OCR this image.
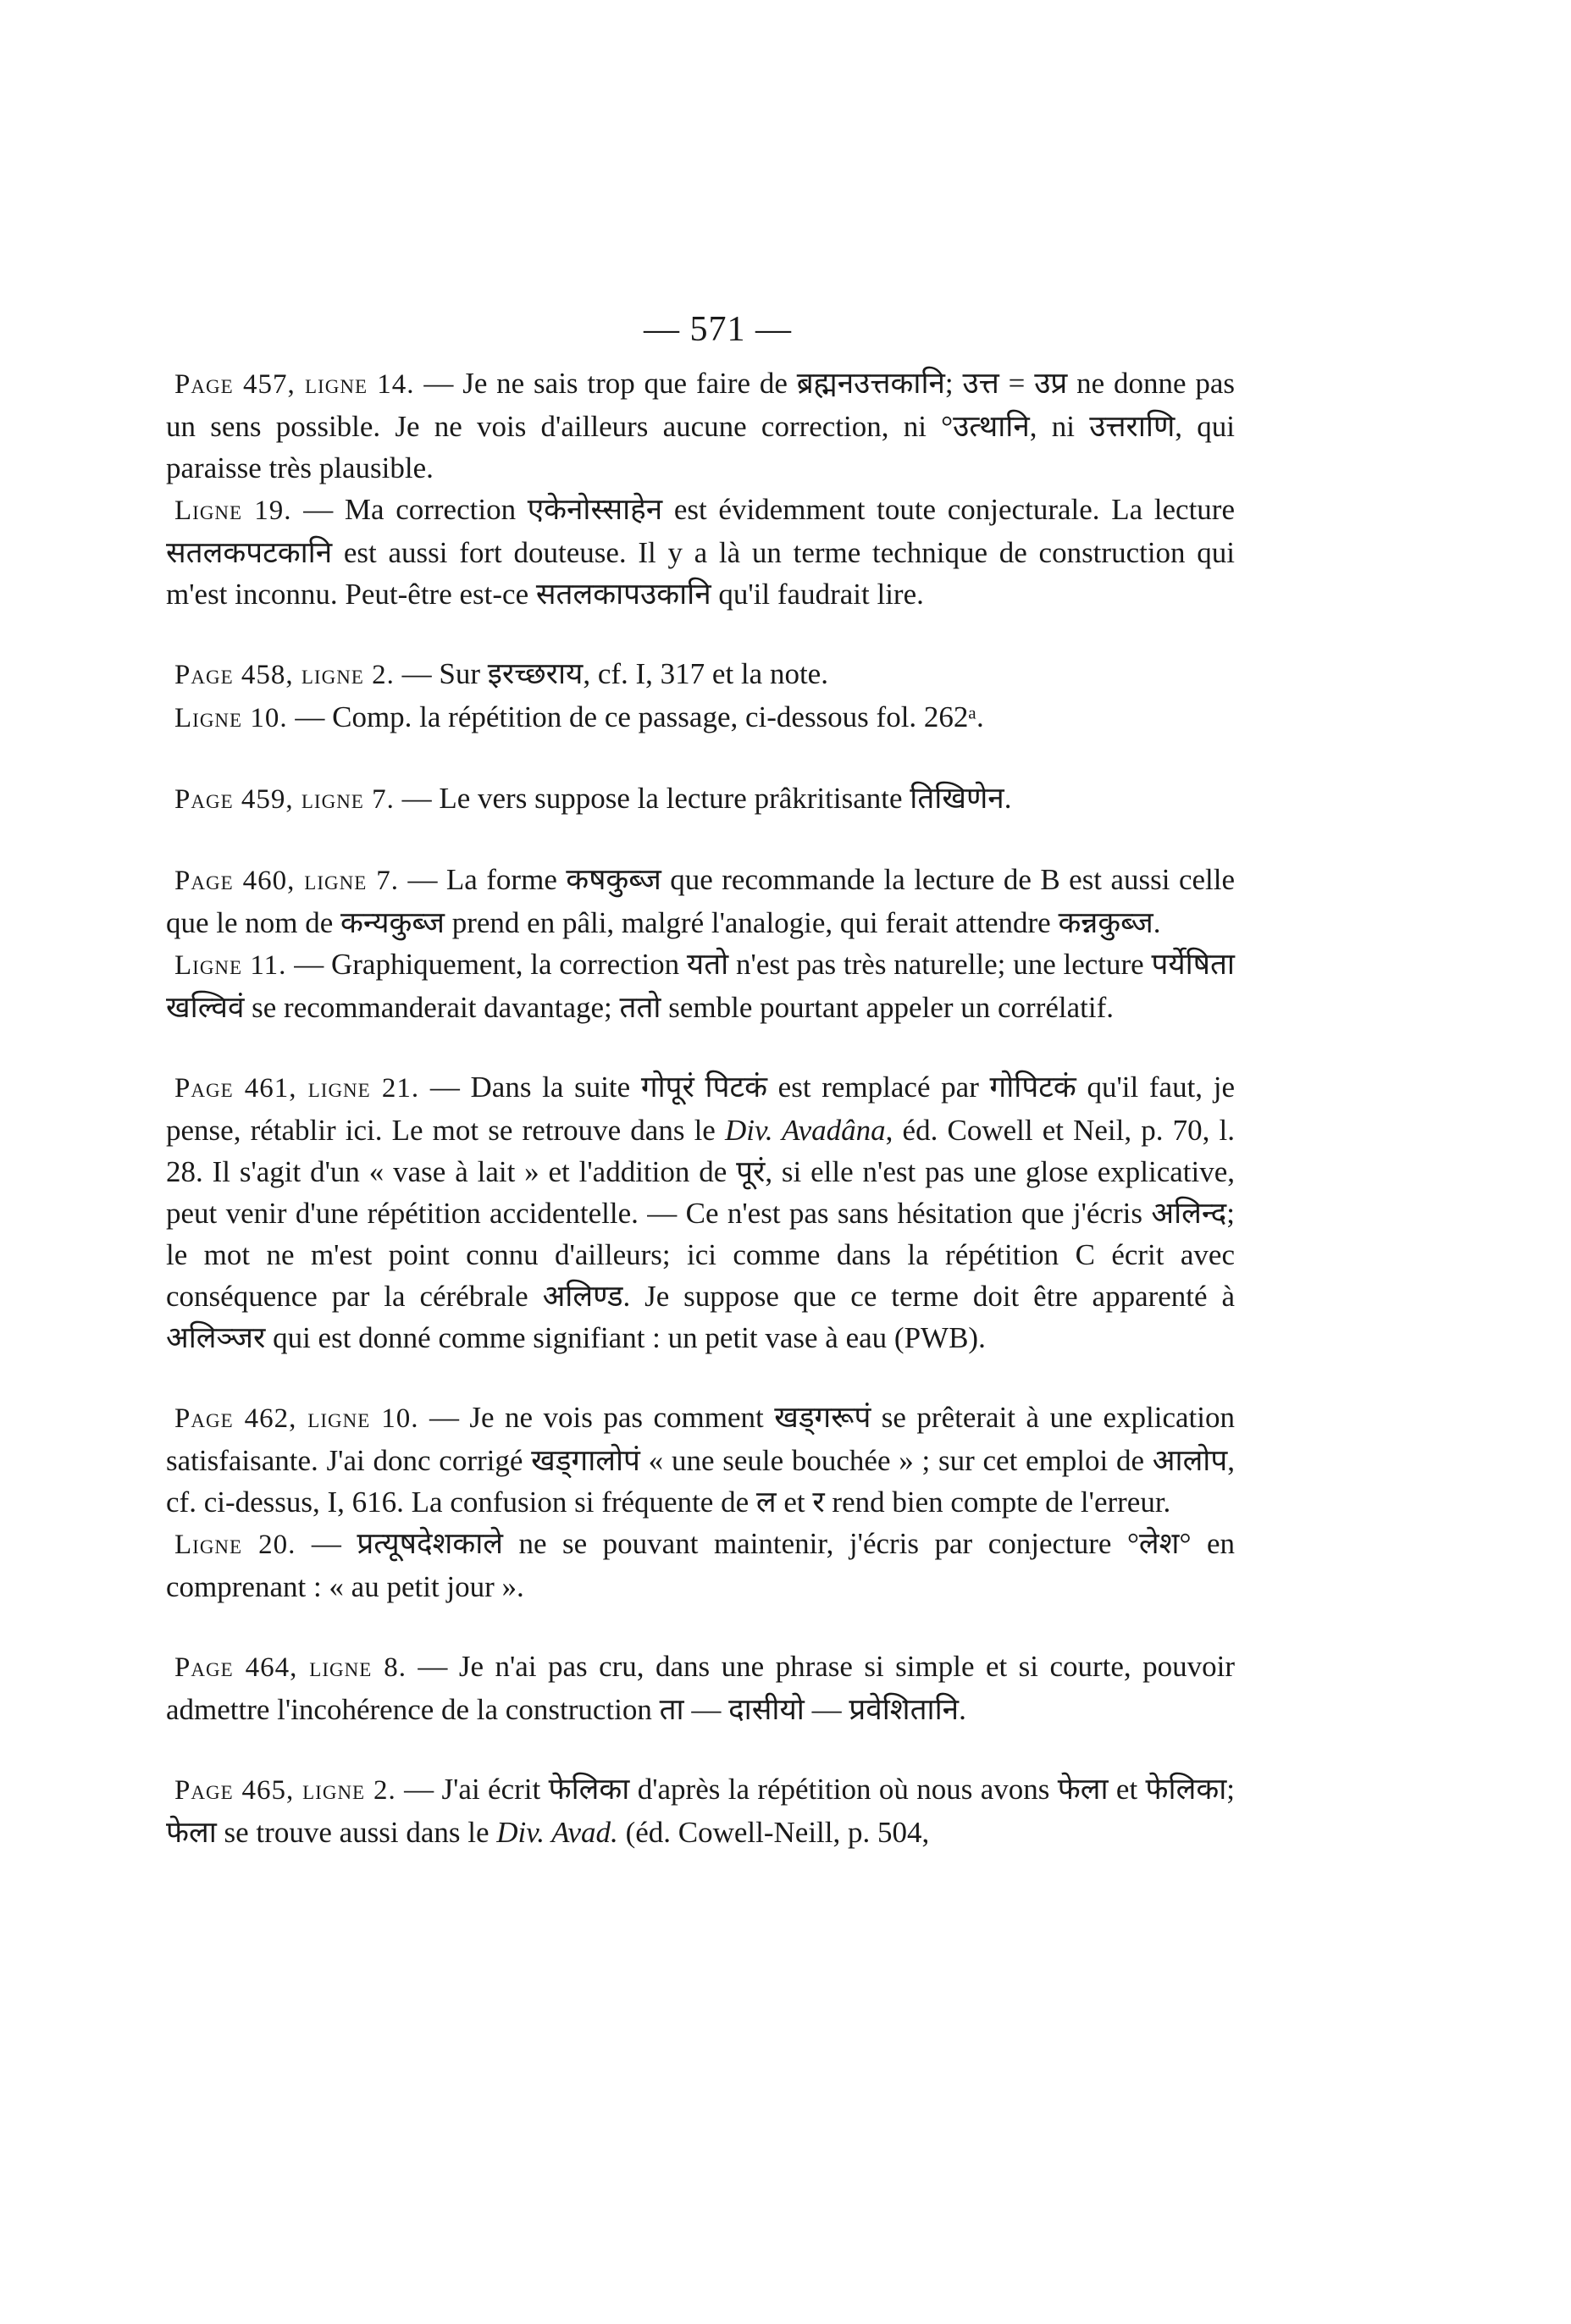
— 571 —

Page 457, ligne 14. — Je ne sais trop que faire de ब्रह्मनउत्तकानि; उत्त = उप्र ne donne pas un sens possible. Je ne vois d'ailleurs aucune correction, ni °उत्थानि, ni उत्तराणि, qui paraisse très plausible.

Ligne 19. — Ma correction एकेनोस्साहेन est évidemment toute conjecturale. La lecture सतलकपटकानि est aussi fort douteuse. Il y a là un terme technique de construction qui m'est inconnu. Peut-être est-ce सतलकापउकानि qu'il faudrait lire.

Page 458, ligne 2. — Sur इरच्छराय, cf. I, 317 et la note.

Ligne 10. — Comp. la répétition de ce passage, ci-dessous fol. 262ᵃ.

Page 459, ligne 7. — Le vers suppose la lecture prâkritisante तिखिणेन.

Page 460, ligne 7. — La forme कषकुब्ज que recommande la lecture de B est aussi celle que le nom de कन्यकुब्ज prend en pâli, malgré l'analogie, qui ferait attendre कन्नकुब्ज.

Ligne 11. — Graphiquement, la correction यतो n'est pas très naturelle; une lecture पर्येषिता खल्विवं se recommanderait davantage; ततो semble pourtant appeler un corrélatif.

Page 461, ligne 21. — Dans la suite गोपूरं पिटकं est remplacé par गोपिटकं qu'il faut, je pense, rétablir ici. Le mot se retrouve dans le Div. Avadâna, éd. Cowell et Neil, p. 70, l. 28. Il s'agit d'un « vase à lait » et l'addition de पूरं, si elle n'est pas une glose explicative, peut venir d'une répétition accidentelle. — Ce n'est pas sans hésitation que j'écris अलिन्द; le mot ne m'est point connu d'ailleurs; ici comme dans la répétition C écrit avec conséquence par la cérébrale अलिण्ड. Je suppose que ce terme doit être apparenté à अलिञ्जर qui est donné comme signifiant : un petit vase à eau (PWB).

Page 462, ligne 10. — Je ne vois pas comment खड्गरूपं se prêterait à une explication satisfaisante. J'ai donc corrigé खड्गालोपं « une seule bouchée » ; sur cet emploi de आलोप, cf. ci-dessus, I, 616. La confusion si fréquente de ल et र rend bien compte de l'erreur.

Ligne 20. — प्रत्यूषदेशकाले ne se pouvant maintenir, j'écris par conjecture °लेश° en comprenant : « au petit jour ».

Page 464, ligne 8. — Je n'ai pas cru, dans une phrase si simple et si courte, pouvoir admettre l'incohérence de la construction ता — दासीयो — प्रवेशितानि.

Page 465, ligne 2. — J'ai écrit फेलिका d'après la répétition où nous avons फेला et फेलिका; फेला se trouve aussi dans le Div. Avad. (éd. Cowell-Neill, p. 504,
